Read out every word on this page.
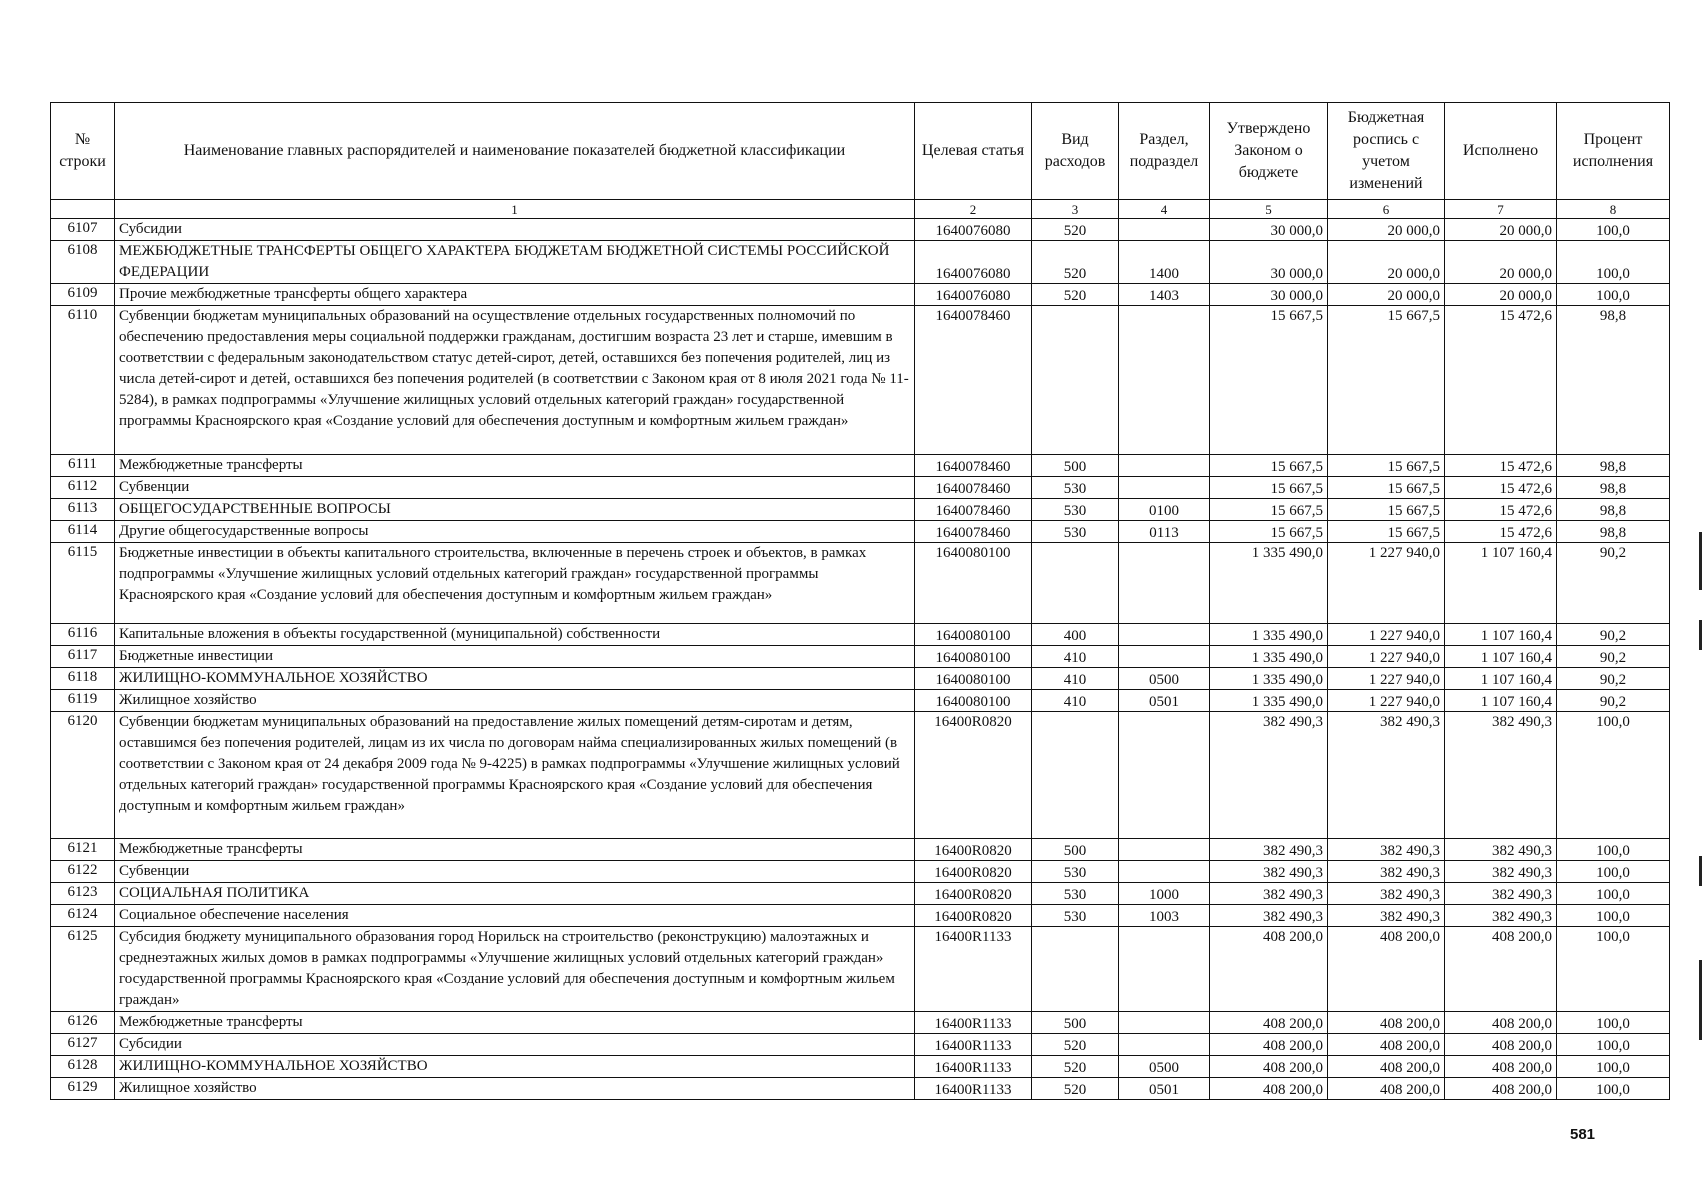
№ строки	Наименование главных распорядителей и наименование показателей бюджетной классификации	Целевая статья	Вид расходов	Раздел, подраздел	Утверждено Законом о бюджете	Бюджетная роспись с учетом изменений	Исполнено	Процент исполнения
	1	2	3	4	5	6	7	8
6107	Субсидии	1640076080	520		30 000,0	20 000,0	20 000,0	100,0
6108	МЕЖБЮДЖЕТНЫЕ ТРАНСФЕРТЫ ОБЩЕГО ХАРАКТЕРА БЮДЖЕТАМ БЮДЖЕТНОЙ СИСТЕМЫ РОССИЙСКОЙ ФЕДЕРАЦИИ	1640076080	520	1400	30 000,0	20 000,0	20 000,0	100,0
6109	Прочие межбюджетные трансферты общего характера	1640076080	520	1403	30 000,0	20 000,0	20 000,0	100,0
6110	Субвенции бюджетам муниципальных образований на осуществление отдельных государственных полномочий по обеспечению предоставления меры социальной поддержки гражданам, достигшим возраста 23 лет и старше, имевшим в соответствии с федеральным законодательством статус детей-сирот, детей, оставшихся без попечения родителей, лиц из числа детей-сирот и детей, оставшихся без попечения родителей (в соответствии с Законом края от 8 июля 2021 года № 11-5284), в рамках подпрограммы «Улучшение жилищных условий отдельных категорий граждан» государственной программы Красноярского края «Создание условий для обеспечения доступным и комфортным жильем граждан»	1640078460			15 667,5	15 667,5	15 472,6	98,8
6111	Межбюджетные трансферты	1640078460	500		15 667,5	15 667,5	15 472,6	98,8
6112	Субвенции	1640078460	530		15 667,5	15 667,5	15 472,6	98,8
6113	ОБЩЕГОСУДАРСТВЕННЫЕ ВОПРОСЫ	1640078460	530	0100	15 667,5	15 667,5	15 472,6	98,8
6114	Другие общегосударственные вопросы	1640078460	530	0113	15 667,5	15 667,5	15 472,6	98,8
6115	Бюджетные инвестиции в объекты капитального строительства, включенные в перечень строек и объектов, в рамках подпрограммы «Улучшение жилищных условий отдельных категорий граждан» государственной программы Красноярского края «Создание условий для обеспечения доступным и комфортным жильем граждан»	1640080100			1 335 490,0	1 227 940,0	1 107 160,4	90,2
6116	Капитальные вложения в объекты государственной (муниципальной) собственности	1640080100	400		1 335 490,0	1 227 940,0	1 107 160,4	90,2
6117	Бюджетные инвестиции	1640080100	410		1 335 490,0	1 227 940,0	1 107 160,4	90,2
6118	ЖИЛИЩНО-КОММУНАЛЬНОЕ ХОЗЯЙСТВО	1640080100	410	0500	1 335 490,0	1 227 940,0	1 107 160,4	90,2
6119	Жилищное хозяйство	1640080100	410	0501	1 335 490,0	1 227 940,0	1 107 160,4	90,2
6120	Субвенции бюджетам муниципальных образований на предоставление жилых помещений детям-сиротам и детям, оставшимся без попечения родителей, лицам из их числа по договорам найма специализированных жилых помещений (в соответствии с Законом края от 24 декабря 2009 года № 9-4225) в рамках подпрограммы «Улучшение жилищных условий отдельных категорий граждан» государственной программы Красноярского края «Создание условий для обеспечения доступным и комфортным жильем граждан»	16400R0820			382 490,3	382 490,3	382 490,3	100,0
6121	Межбюджетные трансферты	16400R0820	500		382 490,3	382 490,3	382 490,3	100,0
6122	Субвенции	16400R0820	530		382 490,3	382 490,3	382 490,3	100,0
6123	СОЦИАЛЬНАЯ ПОЛИТИКА	16400R0820	530	1000	382 490,3	382 490,3	382 490,3	100,0
6124	Социальное обеспечение населения	16400R0820	530	1003	382 490,3	382 490,3	382 490,3	100,0
6125	Субсидия бюджету муниципального образования город Норильск на строительство (реконструкцию) малоэтажных и среднеэтажных жилых домов в рамках подпрограммы «Улучшение жилищных условий отдельных категорий граждан» государственной программы Красноярского края «Создание условий для обеспечения доступным и комфортным жильем граждан»	16400R1133			408 200,0	408 200,0	408 200,0	100,0
6126	Межбюджетные трансферты	16400R1133	500		408 200,0	408 200,0	408 200,0	100,0
6127	Субсидии	16400R1133	520		408 200,0	408 200,0	408 200,0	100,0
6128	ЖИЛИЩНО-КОММУНАЛЬНОЕ ХОЗЯЙСТВО	16400R1133	520	0500	408 200,0	408 200,0	408 200,0	100,0
6129	Жилищное хозяйство	16400R1133	520	0501	408 200,0	408 200,0	408 200,0	100,0
581
